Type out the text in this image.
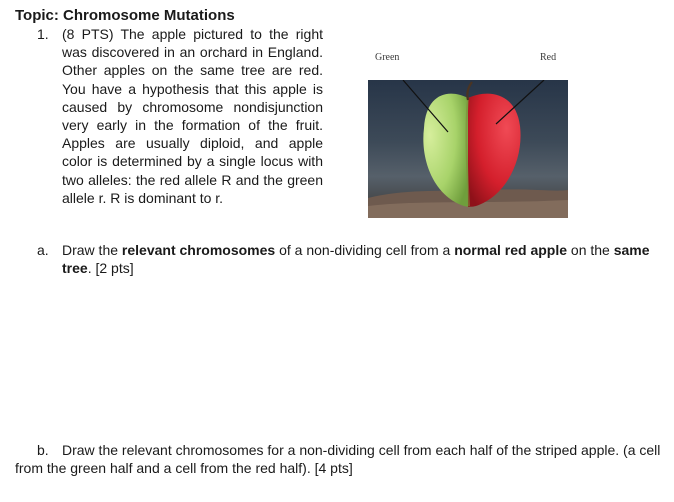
Topic: Chromosome Mutations
1. (8 PTS) The apple pictured to the right was discovered in an orchard in England. Other apples on the same tree are red. You have a hypothesis that this apple is caused by chromosome nondisjunction very early in the formation of the fruit. Apples are usually diploid, and apple color is determined by a single locus with two alleles: the red allele R and the green allele r. R is dominant to r.

Green	Red
a. Draw the relevant chromosomes of a non-dividing cell from a normal red apple on the same tree. [2 pts]

b. Draw the relevant chromosomes for a non-dividing cell from each half of the striped apple. (a cell from the green half and a cell from the red half). [4 pts]
